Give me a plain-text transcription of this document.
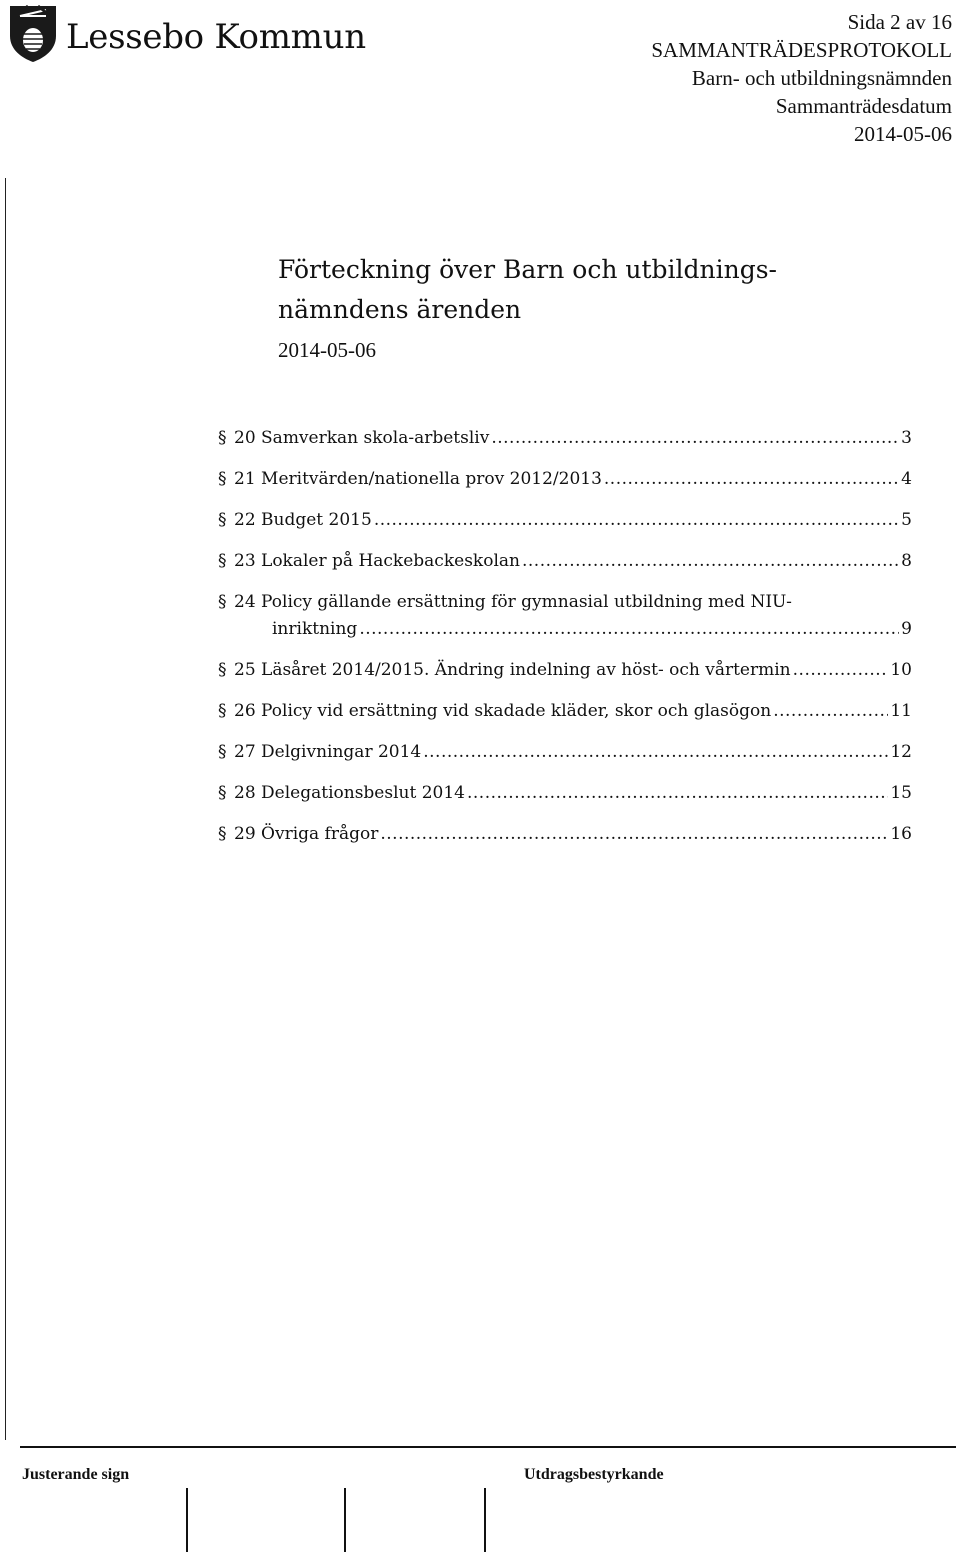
Lessebo Kommun	Sida 2 av 16
SAMMANTRÄDESPROTOKOLL
Barn- och utbildningsnämnden
Sammanträdesdatum
2014-05-06
Förteckning över Barn och utbildnings-
nämndens ärenden
2014-05-06
§ 20 Samverkan skola-arbetsliv .....	3
§ 21 Meritvärden/nationella prov 2012/2013 .....	4
§ 22 Budget 2015 .....	5
§ 23 Lokaler på Hackebackeskolan .....	8
§ 24 Policy gällande ersättning för gymnasial utbildning med NIU-
inriktning .....	9
§ 25 Läsåret 2014/2015. Ändring indelning av höst- och vårtermin .....	10
§ 26 Policy vid ersättning vid skadade kläder, skor och glasögon .....	11
§ 27 Delgivningar 2014 .....	12
§ 28 Delegationsbeslut 2014 .....	15
§ 29 Övriga frågor .....	16
Justerande sign	Utdragsbestyrkande
